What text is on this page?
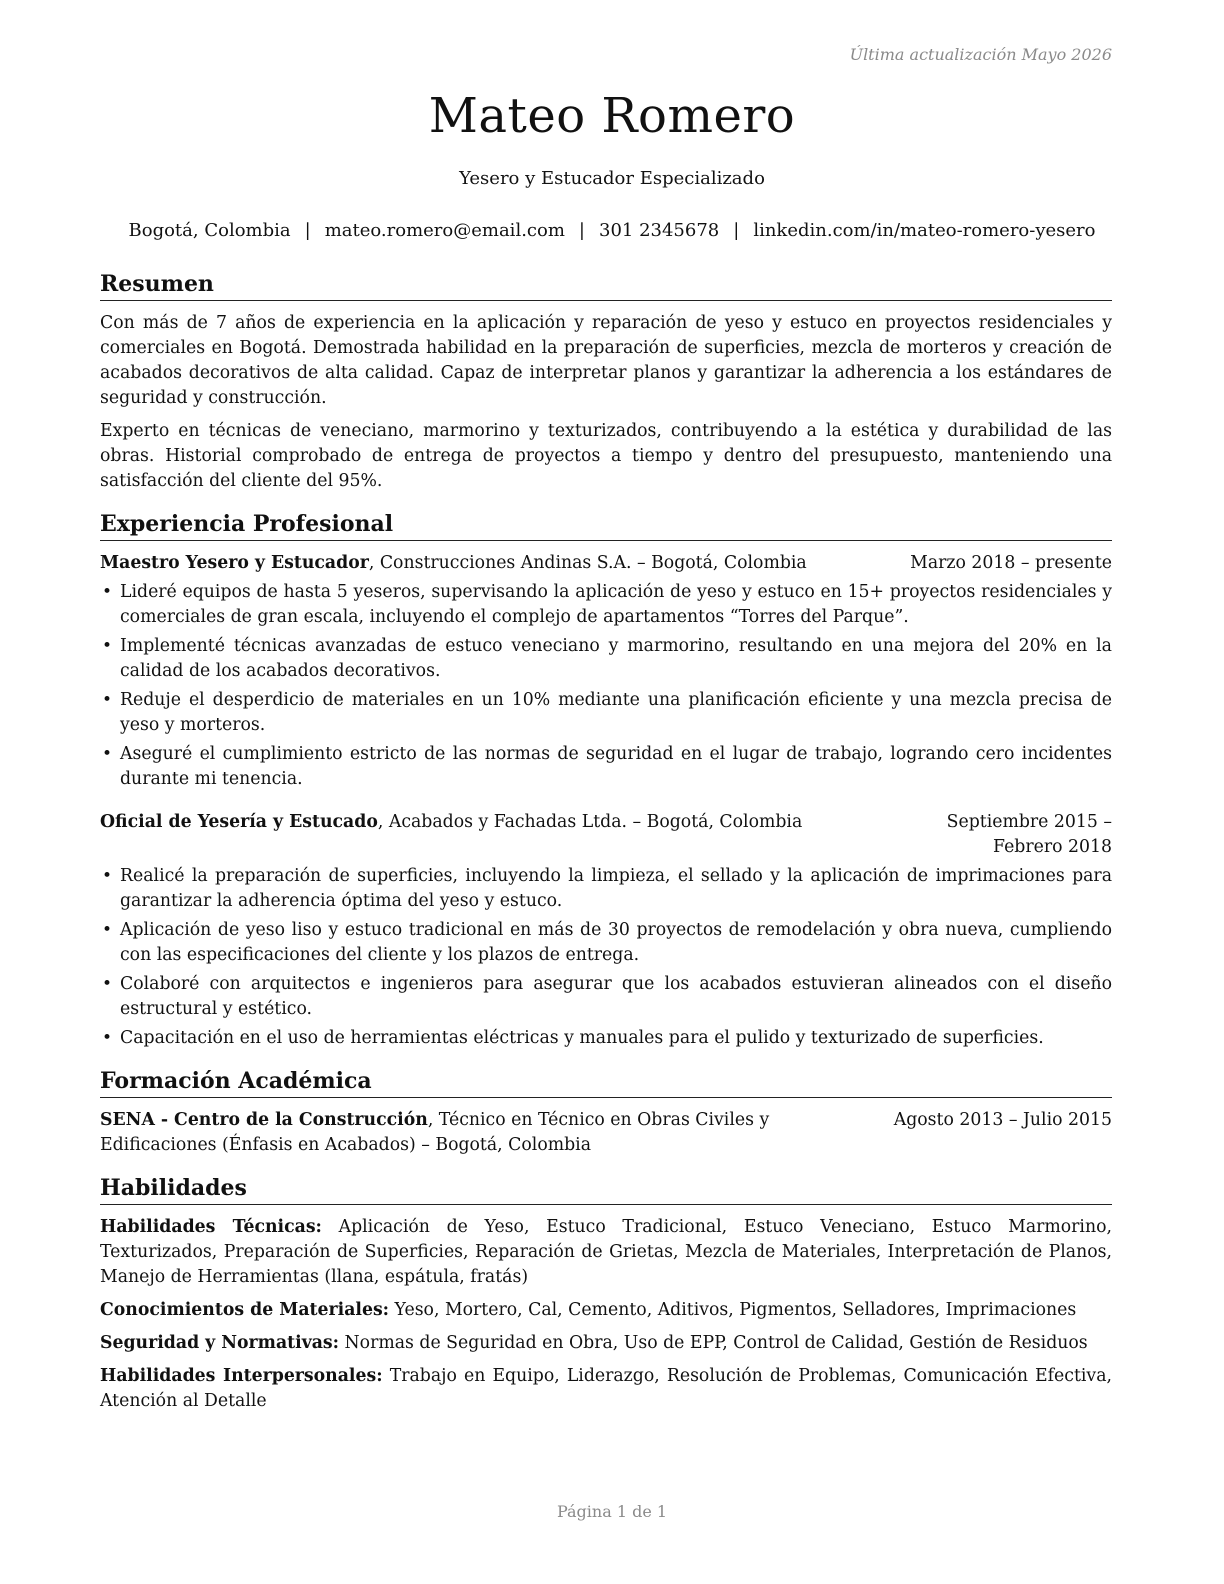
Última actualización Mayo 2026
Mateo Romero
Yesero y Estucador Especializado
Bogotá, Colombia | mateo.romero@email.com | 301 2345678 | linkedin.com/in/mateo-romero-yesero
Resumen

Con más de 7 años de experiencia en la aplicación y reparación de yeso y estuco en proyectos residenciales y comerciales en Bogotá. Demostrada habilidad en la preparación de superficies, mezcla de morteros y creación de acabados decorativos de alta calidad. Capaz de interpretar planos y garantizar la adherencia a los estándares de seguridad y construcción.

Experto en técnicas de veneciano, marmorino y texturizados, contribuyendo a la estética y durabilidad de las obras. Historial comprobado de entrega de proyectos a tiempo y dentro del presupuesto, manteniendo una satisfacción del cliente del 95%.

Experiencia Profesional
Maestro Yesero y Estucador, Construcciones Andinas S.A. – Bogotá, Colombia	Marzo 2018 – presente
• Lideré equipos de hasta 5 yeseros, supervisando la aplicación de yeso y estuco en 15+ proyectos residenciales y comerciales de gran escala, incluyendo el complejo de apartamentos “Torres del Parque”.
• Implementé técnicas avanzadas de estuco veneciano y marmorino, resultando en una mejora del 20% en la calidad de los acabados decorativos.
• Reduje el desperdicio de materiales en un 10% mediante una planificación eficiente y una mezcla precisa de yeso y morteros.
• Aseguré el cumplimiento estricto de las normas de seguridad en el lugar de trabajo, logrando cero incidentes durante mi tenencia.
Oficial de Yesería y Estucado, Acabados y Fachadas Ltda. – Bogotá, Colombia	Septiembre 2015 – Febrero 2018
• Realicé la preparación de superficies, incluyendo la limpieza, el sellado y la aplicación de imprimaciones para garantizar la adherencia óptima del yeso y estuco.
• Aplicación de yeso liso y estuco tradicional en más de 30 proyectos de remodelación y obra nueva, cumpliendo con las especificaciones del cliente y los plazos de entrega.
• Colaboré con arquitectos e ingenieros para asegurar que los acabados estuvieran alineados con el diseño estructural y estético.
• Capacitación en el uso de herramientas eléctricas y manuales para el pulido y texturizado de superficies.
Formación Académica
SENA - Centro de la Construcción, Técnico en Técnico en Obras Civiles y Edificaciones (Énfasis en Acabados) – Bogotá, Colombia
Agosto 2013 – Julio 2015
Habilidades
Habilidades Técnicas: Aplicación de Yeso, Estuco Tradicional, Estuco Veneciano, Estuco Marmorino, Texturizados, Preparación de Superficies, Reparación de Grietas, Mezcla de Materiales, Interpretación de Planos, Manejo de Herramientas (llana, espátula, fratás)
Conocimientos de Materiales: Yeso, Mortero, Cal, Cemento, Aditivos, Pigmentos, Selladores, Imprimaciones
Seguridad y Normativas: Normas de Seguridad en Obra, Uso de EPP, Control de Calidad, Gestión de Residuos
Habilidades Interpersonales: Trabajo en Equipo, Liderazgo, Resolución de Problemas, Comunicación Efectiva, Atención al Detalle
Página 1 de 1
